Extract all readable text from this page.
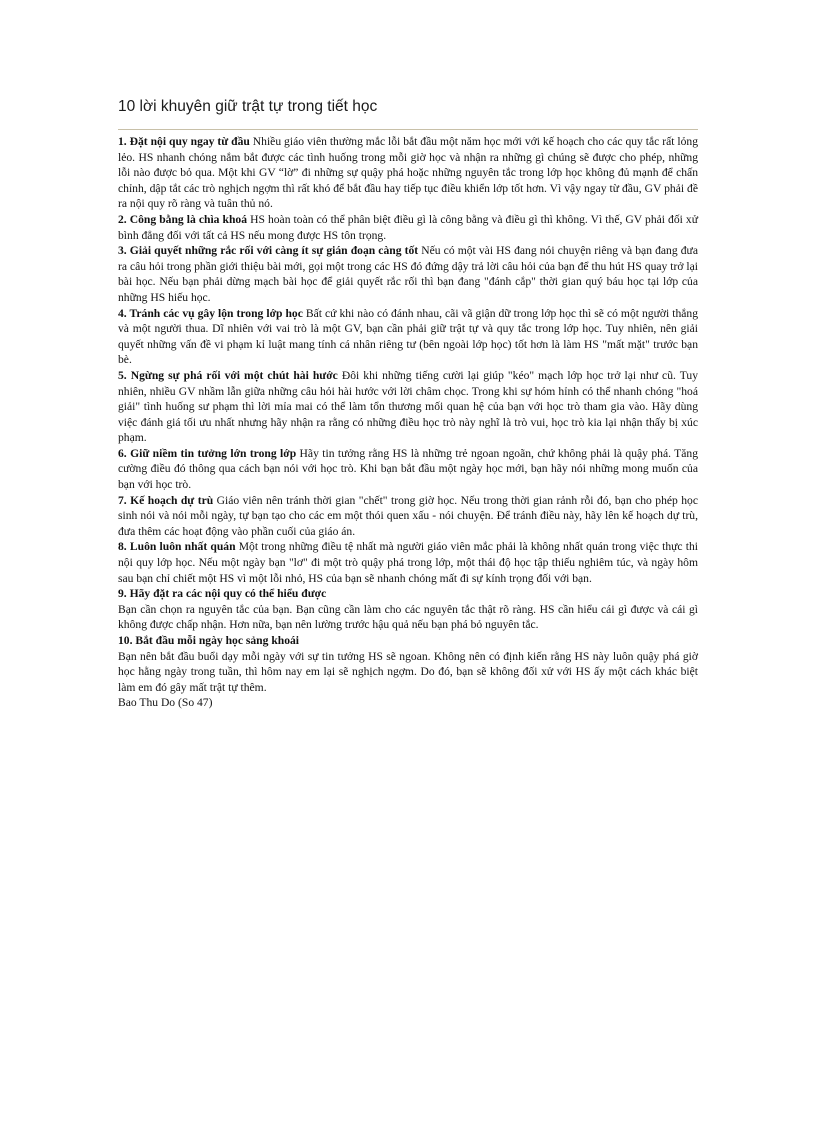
10 lời khuyên giữ trật tự trong tiết học

1. Đặt nội quy ngay từ đầu Nhiều giáo viên thường mắc lỗi bắt đầu một năm học mới với kế hoạch cho các quy tắc rất lỏng lẻo. HS nhanh chóng nắm bắt được các tình huống trong mỗi giờ học và nhận ra những gì chúng sẽ được cho phép, những lỗi nào được bỏ qua. Một khi GV “lờ” đi những sự quậy phá hoặc những nguyên tắc trong lớp học không đủ mạnh để chấn chỉnh, dập tắt các trò nghịch ngợm thì rất khó để bắt đầu hay tiếp tục điều khiển lớp tốt hơn. Vì vậy ngay từ đầu, GV phải đề ra nội quy rõ ràng và tuân thủ nó.

2. Công bằng là chìa khoá HS hoàn toàn có thể phân biệt điều gì là công bằng và điều gì thì không. Vì thế, GV phải đối xử bình đẳng đối với tất cả HS nếu mong được HS tôn trọng.

3. Giải quyết những rắc rối với càng ít sự gián đoạn càng tốt Nếu có một vài HS đang nói chuyện riêng và bạn đang đưa ra câu hỏi trong phần giới thiệu bài mới, gọi một trong các HS đó đứng dậy trả lời câu hỏi của bạn để thu hút HS quay trở lại bài học. Nếu bạn phải dừng mạch bài học để giải quyết rắc rối thì bạn đang "đánh cắp" thời gian quý báu học tại lớp của những HS hiếu học.

4. Tránh các vụ gây lộn trong lớp học Bất cứ khi nào có đánh nhau, cãi vã giận dữ trong lớp học thì sẽ có một người thắng và một người thua. Dĩ nhiên với vai trò là một GV, bạn cần phải giữ trật tự và quy tắc trong lớp học. Tuy nhiên, nên giải quyết những vấn đề vi phạm kỉ luật mang tính cá nhân riêng tư (bên ngoài lớp học) tốt hơn là làm HS "mất mặt" trước bạn bè.

5. Ngừng sự phá rối với một chút hài hước Đôi khi những tiếng cười lại giúp "kéo" mạch lớp học trở lại như cũ. Tuy nhiên, nhiều GV nhầm lẫn giữa những câu hỏi hài hước với lời châm chọc. Trong khi sự hóm hỉnh có thể nhanh chóng "hoá giải" tình huống sư phạm thì lời mỉa mai có thể làm tổn thương mối quan hệ của bạn với học trò tham gia vào. Hãy dùng việc đánh giá tối ưu nhất nhưng hãy nhận ra rằng có những điều học trò này nghĩ là trò vui, học trò kia lại nhận thấy bị xúc phạm.

6. Giữ niềm tin tưởng lớn trong lớp Hãy tin tưởng rằng HS là những trẻ ngoan ngoãn, chứ không phải là quậy phá. Tăng cường điều đó thông qua cách bạn nói với học trò. Khi bạn bắt đầu một ngày học mới, bạn hãy nói những mong muốn của bạn với học trò.

7. Kế hoạch dự trù Giáo viên nên tránh thời gian "chết" trong giờ học. Nếu trong thời gian rảnh rỗi đó, bạn cho phép học sinh nói và nói mỗi ngày, tự bạn tạo cho các em một thói quen xấu - nói chuyện. Để tránh điều này, hãy lên kế hoạch dự trù, đưa thêm các hoạt động vào phần cuối của giáo án.

8. Luôn luôn nhất quán Một trong những điều tệ nhất mà người giáo viên mắc phải là không nhất quán trong việc thực thi nội quy lớp học. Nếu một ngày bạn "lơ" đi một trò quậy phá trong lớp, một thái độ học tập thiếu nghiêm túc, và ngày hôm sau bạn chỉ chiết một HS vì một lỗi nhỏ, HS của bạn sẽ nhanh chóng mất đi sự kính trọng đối với bạn.

9. Hãy đặt ra các nội quy có thể hiểu được
Bạn cần chọn ra nguyên tắc của bạn. Bạn cũng cần làm cho các nguyên tắc thật rõ ràng. HS cần hiểu cái gì được và cái gì không được chấp nhận. Hơn nữa, bạn nên lường trước hậu quả nếu bạn phá bỏ nguyên tắc.

10. Bắt đầu mỗi ngày học sảng khoái
Bạn nên bắt đầu buổi dạy mỗi ngày với sự tin tưởng HS sẽ ngoan. Không nên có định kiến rằng HS này luôn quậy phá giờ học hằng ngày trong tuần, thì hôm nay em lại sẽ nghịch ngợm. Do đó, bạn sẽ không đối xử với HS ấy một cách khác biệt làm em đó gây mất trật tự thêm.

Bao Thu Do (So 47)
